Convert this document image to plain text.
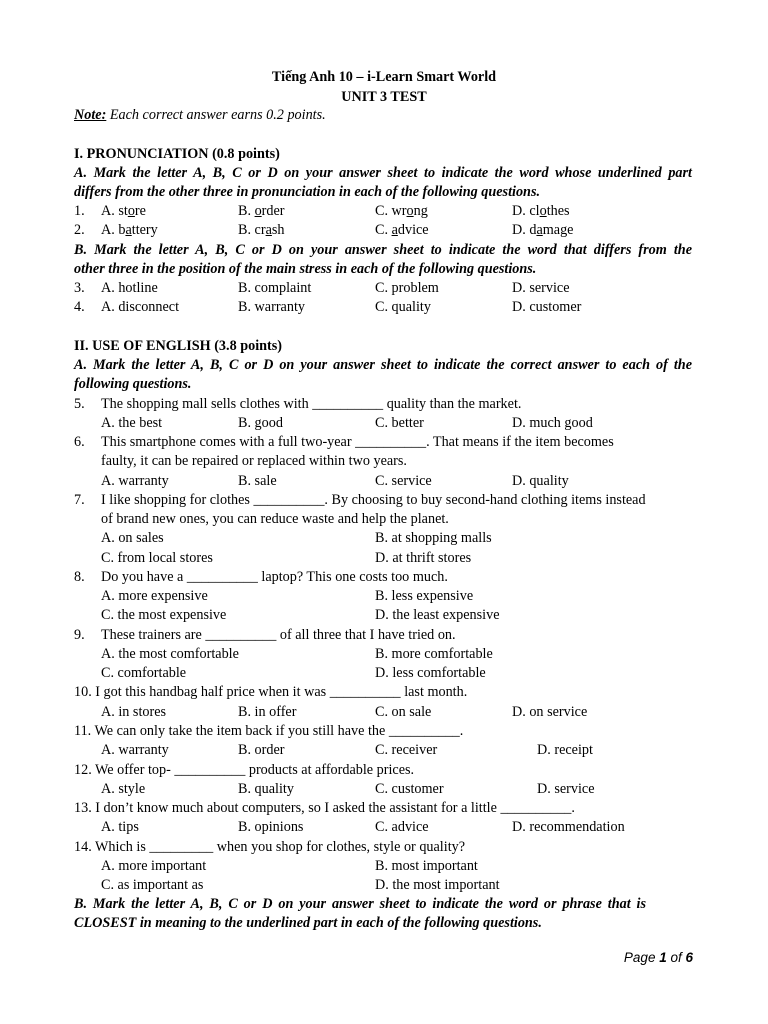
Tiếng Anh 10 – i-Learn Smart World
UNIT 3 TEST
Note: Each correct answer earns 0.2 points.
I. PRONUNCIATION (0.8 points)
A. Mark the letter A, B, C or D on your answer sheet to indicate the word whose underlined part
differs from the other three in pronunciation in each of the following questions.
1. A. store	B. order	C. wrong	D. clothes
2. A. battery	B. crash	C. advice	D. damage
B. Mark the letter A, B, C or D on your answer sheet to indicate the word that differs from the
other three in the position of the main stress in each of the following questions.
3. A. hotline	B. complaint	C. problem	D. service
4. A. disconnect	B. warranty	C. quality	D. customer
II. USE OF ENGLISH (3.8 points)
A. Mark the letter A, B, C or D on your answer sheet to indicate the correct answer to each of the
following questions.
5. The shopping mall sells clothes with __________ quality than the market.
A. the best	B. good	C. better	D. much good
6. This smartphone comes with a full two-year __________. That means if the item becomes
faulty, it can be repaired or replaced within two years.
A. warranty	B. sale	C. service	D. quality
7. I like shopping for clothes __________. By choosing to buy second-hand clothing items instead
of brand new ones, you can reduce waste and help the planet.
A. on sales	B. at shopping malls
C. from local stores	D. at thrift stores
8. Do you have a __________ laptop? This one costs too much.
A. more expensive	B. less expensive
C. the most expensive	D. the least expensive
9. These trainers are __________ of all three that I have tried on.
A. the most comfortable	B. more comfortable
C. comfortable	D. less comfortable
10. I got this handbag half price when it was __________ last month.
A. in stores	B. in offer	C. on sale	D. on service
11. We can only take the item back if you still have the __________.
A. warranty	B. order	C. receiver	D. receipt
12. We offer top- __________ products at affordable prices.
A. style	B. quality	C. customer	D. service
13. I don’t know much about computers, so I asked the assistant for a little __________.
A. tips	B. opinions	C. advice	D. recommendation
14. Which is _________ when you shop for clothes, style or quality?
A. more important	B. most important
C. as important as	D. the most important
B. Mark the letter A, B, C or D on your answer sheet to indicate the word or phrase that is
CLOSEST in meaning to the underlined part in each of the following questions.
Page 1 of 6
